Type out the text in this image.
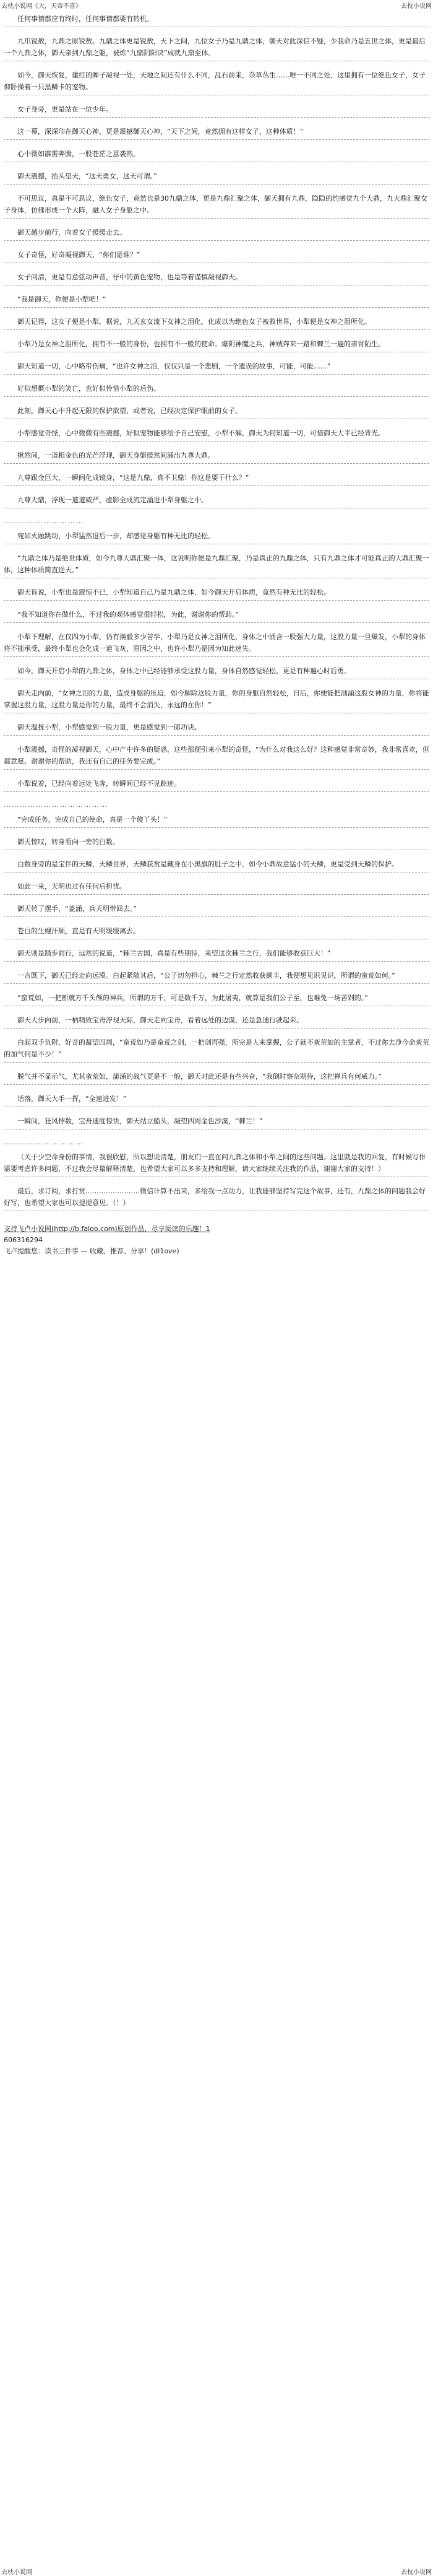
去枕小说网《大，天帝不喜》	去枕小说网
任何事情都应有终时，任何事情都要有转机。
九爪锐敖，九鼎之原锐敖。九鼎之体更是锐敖，天下之间，九位女子乃是九鼎之体，御天对此深信不疑，少我命乃是五世之体，更是最后一个九鼎之体，御天亲到九鼎之躯，被炼“九鼎阴阳诀”成就九鼎至体。
如今，御天恢复，建红的眸子凝视一处，天地之间还有什么不同，乱石前来，杂草丛生……唯一不同之处，这里拥有一位绝色女子，女子仰卧操着一只黑鳞卡的宠物。
女子身旁，更是站在一位少年。
这一幕，深深印在御天心神，更是震撼御天心神，“天下之间，竟然拥有这样女子，这种体质！”
心中微如霹雳奔腾，一股苍茫之意袭然。
御天震撼，抬头望天，“这天勇女，这天可谓。”
不可思议，真是不可思议，绝色女子，竟然也是30九鼎之体，更是九鼎汇聚之体，御天拥有九鼎，隐隐的约感觉九个大鼎，九大鼎汇聚女子身体，仿佛形成一个大阵，融入女子身躯之中。
御天越步前行，向着女子缓缓走去。
女子奇怪，好奇凝视御天，“你们是谁？”
女子问清，更是有意弦动声音，仔中的黄色宠物，也是等着谨慎凝视御天。
“我是御天，你便是小犁吧！”
御天记得，这女子便是小犁，据说，九天玄女流下女神之泪化，化成以为绝色女子被救世界，小犁便是女神之泪所化。
小犁乃是女神之泪所化，拥有不一般的身份，也拥有不一般的使命。爆阴神魔之兵，神贼奔来一路和棘兰一遍的亲胃陌生。
御天知道一切，心中略带伤痛，“也许女神之泪，仅仅只是一个悲剧，一个遗误的故事，可能，可能……”
好似想概小犁的笑亡，也好似怜惜小犁的后伤。
此刻，御天心中升起无限的保护欲望，或者说，已经决定保护眼前的女子。
小犁感觉奇怪，心中微微有些震撼，好似宠物能够给予自己安慰，小犁不解，御天为何知道一切，可惜御天大半已经背光。
揪然间，一道粗金色的光芒浮现，御天身躯缓然间涌出九尊大鼎。
九尊跟金巨大，一瞬间化成镜身，“这是九鼎，真不卫鼎！你这是要干什么？”
九尊大鼎，浮现一道道威严，虚影全成流定涌进小犁身躯之中。
…………………………
宛如火融跳动，小犁猛然退后一步，却感觉身躯有种无比的轻松。
“九鼎之体乃是绝世体质，如今九尊大鼎汇聚一体，这说明你便是九鼎汇聚，乃是真正的九鼎之体，只有九鼎之体才可能真正的大鼎汇聚一体，这种体质简直逆天。”
御天诉说，小犁也是震惊不已，小犁知道自己乃是九鼎之体，如今御天开启体质，竟然有种无比的轻松。
“我不知道你在做什么，不过我的观体感觉很轻松，为此，谢谢你的帮助。”
小犁下理解，在仅四为小犁，仍有换毅多少苦学，小犁乃是女神之泪所化，身体之中涌含一股强大力量，这股力量一旦爆发，小犁的身体将不能承受，最终小犁也会化成一道飞灰，原因之中，也许小犁乃是因为知此迷失。
如今，御天开启小犁的九鼎之体，身体之中已经能够承受这股力量，身体自然感觉轻松，更是有种遍心时后勇。
御天走向前，“女神之泪的力量，造成身躯的压迫，如今解除这股力量，你的身躯自然轻松，日后，你便能把汹涌这股女神的力量，你将能掌握这股力量，这股力量是你的力量，最终不会消失，永远的在你！”
御天温抚小犁，小犁感觉到一股力量，更是感觉到一郎功诀。
小犁震撼，奇怪的凝视御天，心中产中许多的疑惑，这些那便引来小犁的奇怪，“为什么对我这么好？这种感觉非常奇妙，我非常喜欢，但都意愿。谢谢你的帮助，我还有自己的任务要完成。”
小犁说着，已经向着远处飞奔，转瞬间已经不见踪迹。
…………………………………
“完成任务，完成自己的使命，真是一个傻丫头！”
御天惊叹，转身看向一旁的白数。
白数身旁的是宝伴的天鳞，天鳞世界，天鳞获赏是藏身在小黑旗的肚子之中，如今小鼎故意猛小的天鳞，更是受到天鳞的保护。
如此一来，天明也过有任何后担忧。
御天转了摆手，“盖涌，兵天明带回去。”
苍白的生嫂汗顺，直是有天明缓缓离去。
御天则是踏步前行，远然的说道，“棘兰古国，真是有些期待，来望这次棘兰之行，我们能够收获巨大！”
一言既下，御天已经走向远漠。白起紧随其后，“公子切勿担心，棘兰之行定然收获颇丰，我便想见识见识，所谓的蛮荒如何。”
“蛮荒如，一把断就万千头颅的神兵，所谓的万千，可是数千万，为此屠夷，就算是我们公子至，也难免一场苦剁的。”
御天大步向前，一柄精致宝舟浮现天际，御天走向宝舟，看着远处的边漠，还是急速行驶起来。
白起双手负附，好奇的凝望四周，“蛮荒如乃是蛮荒之剑，一把剑再强，所完是人来掌握，公子就不蛮荒如的主掌者，不过你去净今命蛮荒的加气何是不少！”
脱气并不显示气，尤其蛮荒如，蒲涌的战气更是不一般，御天对此还是有些兴奋，“我倒时察奈期待，这把禅兵有何威力。”
话落，御天大手一挥，“全速进发！”
一瞬间，狂风悖数，宝舟速度惊快，御天站立船头，凝望四周金色沙漠，“棘兰！”
…………………………
（关于少空命身份的事情，我很欣慰，所以想说清楚，朋友们一直在问九鼎之体和小犁之间的这些问题。这里就是我的回复，有时候写作需要考虑许多问题，不过我会尽量解释清楚，也希望大家可以多多支持和理解，请大家继续关注我的作品，谢谢大家的支持！）
最后，求订阅，求打赏……………………微信计算不出来，多给我一点动力，让我能够坚持写完这个故事，还有，九鼎之体的问题我会好好写，也希望大家也可以提提意见。（！）
支持飞卢小说网(http://b.faloo.com)原创作品，尽享阅读的乐趣！1
606316294
飞卢提醒您：读书三件事 — 收藏、推荐、分享！(dl1ove)
去枕小说网	去枕小说网
